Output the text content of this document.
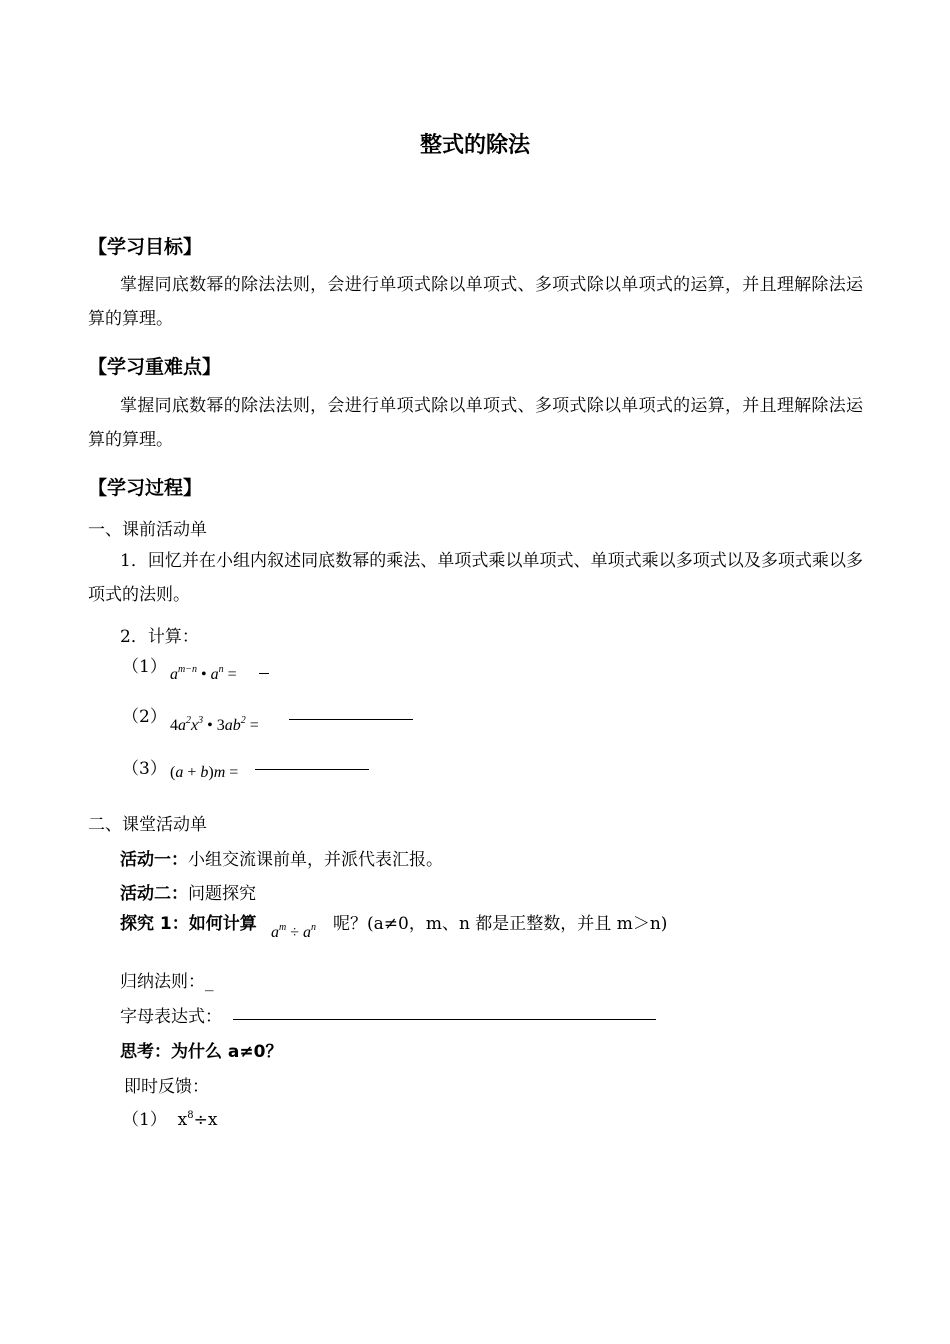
整式的除法
【学习目标】
掌握同底数幂的除法法则，会进行单项式除以单项式、多项式除以单项式的运算，并且理解除法运算的算理。
【学习重难点】
掌握同底数幂的除法法则，会进行单项式除以单项式、多项式除以单项式的运算，并且理解除法运算的算理。
【学习过程】
一、课前活动单
1．回忆并在小组内叙述同底数幂的乘法、单项式乘以单项式、单项式乘以多项式以及多项式乘以多项式的法则。
2．计算：
（1） $a^{m-n}$ • $a^n$ =
（2） $4a^2x^3$ • $3ab^2$ =
（3） (a + b)m =
二、课堂活动单
活动一：小组交流课前单，并派代表汇报。
活动二：问题探究
探究 1：如何计算 $a^m \div a^n$ 呢？(a≠0，m、n 都是正整数，并且 m＞n)
归纳法则：_
字母表达式：
思考：为什么 a≠0？
即时反馈：
（1） $x^8\div x$
